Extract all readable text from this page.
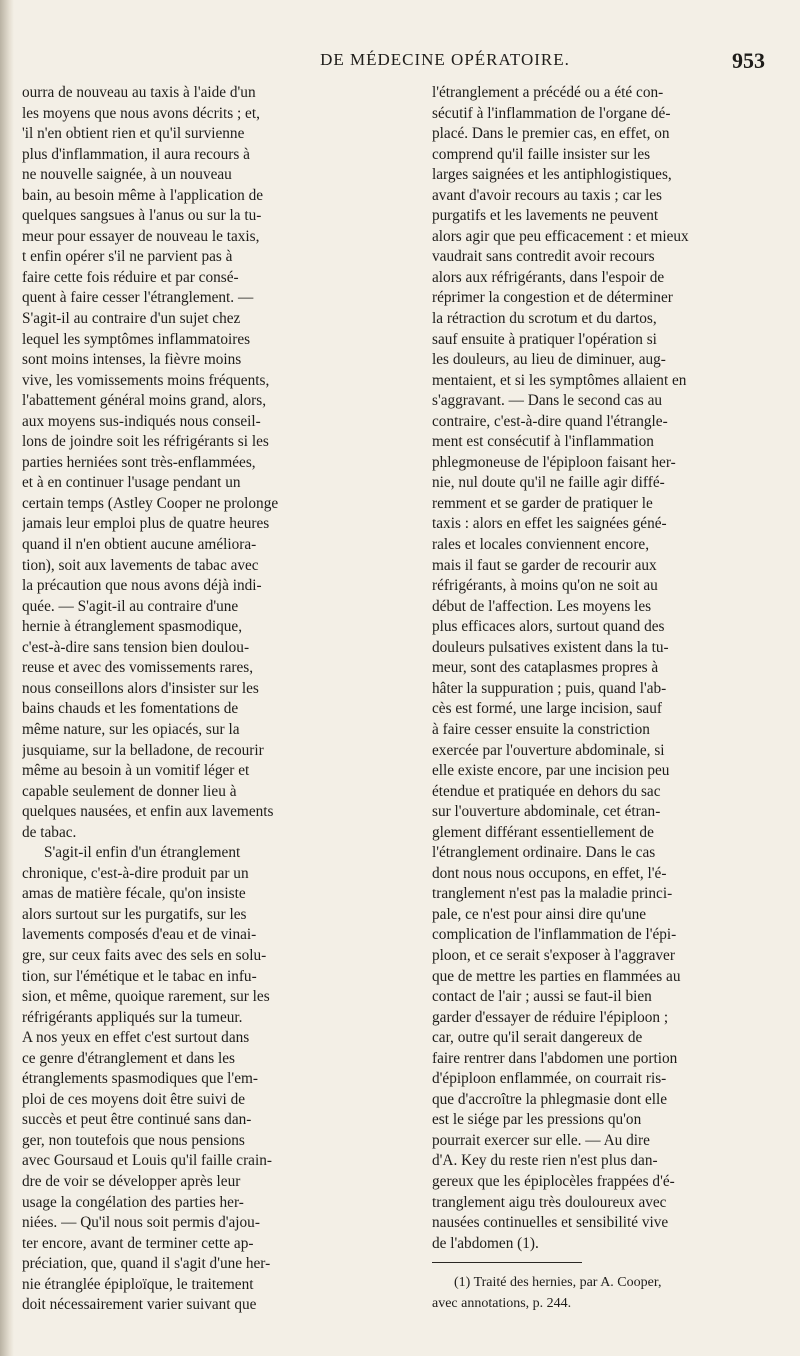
DE MÉDECINE OPÉRATOIRE.	953
ourra de nouveau au taxis à l'aide d'un
les moyens que nous avons décrits ; et,
'il n'en obtient rien et qu'il survienne
plus d'inflammation, il aura recours à
ne nouvelle saignée, à un nouveau
bain, au besoin même à l'application de
quelques sangsues à l'anus ou sur la tu-
meur pour essayer de nouveau le taxis,
t enfin opérer s'il ne parvient pas à
faire cette fois réduire et par consé-
quent à faire cesser l'étranglement. —
S'agit-il au contraire d'un sujet chez
lequel les symptômes inflammatoires
sont moins intenses, la fièvre moins
vive, les vomissements moins fréquents,
l'abattement général moins grand, alors,
aux moyens sus-indiqués nous conseil-
lons de joindre soit les réfrigérants si les
parties herniées sont très-enflammées,
et à en continuer l'usage pendant un
certain temps (Astley Cooper ne prolonge
jamais leur emploi plus de quatre heures
quand il n'en obtient aucune améliora-
tion), soit aux lavements de tabac avec
la précaution que nous avons déjà indi-
quée. — S'agit-il au contraire d'une
hernie à étranglement spasmodique,
c'est-à-dire sans tension bien doulou-
reuse et avec des vomissements rares,
nous conseillons alors d'insister sur les
bains chauds et les fomentations de
même nature, sur les opiacés, sur la
jusquiame, sur la belladone, de recourir
même au besoin à un vomitif léger et
capable seulement de donner lieu à
quelques nausées, et enfin aux lavements
de tabac.
S'agit-il enfin d'un étranglement
chronique, c'est-à-dire produit par un
amas de matière fécale, qu'on insiste
alors surtout sur les purgatifs, sur les
lavements composés d'eau et de vinai-
gre, sur ceux faits avec des sels en solu-
tion, sur l'émétique et le tabac en infu-
sion, et même, quoique rarement, sur les
réfrigérants appliqués sur la tumeur.
A nos yeux en effet c'est surtout dans
ce genre d'étranglement et dans les
étranglements spasmodiques que l'em-
ploi de ces moyens doit être suivi de
succès et peut être continué sans dan-
ger, non toutefois que nous pensions
avec Goursaud et Louis qu'il faille crain-
dre de voir se développer après leur
usage la congélation des parties her-
niées. — Qu'il nous soit permis d'ajou-
ter encore, avant de terminer cette ap-
préciation, que, quand il s'agit d'une her-
nie étranglée épiploïque, le traitement
doit nécessairement varier suivant que
l'étranglement a précédé ou a été con-
sécutif à l'inflammation de l'organe dé-
placé. Dans le premier cas, en effet, on
comprend qu'il faille insister sur les
larges saignées et les antiphlogistiques,
avant d'avoir recours au taxis ; car les
purgatifs et les lavements ne peuvent
alors agir que peu efficacement : et mieux
vaudrait sans contredit avoir recours
alors aux réfrigérants, dans l'espoir de
réprimer la congestion et de déterminer
la rétraction du scrotum et du dartos,
sauf ensuite à pratiquer l'opération si
les douleurs, au lieu de diminuer, aug-
mentaient, et si les symptômes allaient en
s'aggravant. — Dans le second cas au
contraire, c'est-à-dire quand l'étrangle-
ment est consécutif à l'inflammation
phlegmoneuse de l'épiploon faisant her-
nie, nul doute qu'il ne faille agir diffé-
remment et se garder de pratiquer le
taxis : alors en effet les saignées géné-
rales et locales conviennent encore,
mais il faut se garder de recourir aux
réfrigérants, à moins qu'on ne soit au
début de l'affection. Les moyens les
plus efficaces alors, surtout quand des
douleurs pulsatives existent dans la tu-
meur, sont des cataplasmes propres à
hâter la suppuration ; puis, quand l'ab-
cès est formé, une large incision, sauf
à faire cesser ensuite la constriction
exercée par l'ouverture abdominale, si
elle existe encore, par une incision peu
étendue et pratiquée en dehors du sac
sur l'ouverture abdominale, cet étran-
glement différant essentiellement de
l'étranglement ordinaire. Dans le cas
dont nous nous occupons, en effet, l'é-
tranglement n'est pas la maladie princi-
pale, ce n'est pour ainsi dire qu'une
complication de l'inflammation de l'épi-
ploon, et ce serait s'exposer à l'aggraver
que de mettre les parties en flammées au
contact de l'air ; aussi se faut-il bien
garder d'essayer de réduire l'épiploon ;
car, outre qu'il serait dangereux de
faire rentrer dans l'abdomen une portion
d'épiploon enflammée, on courrait ris-
que d'accroître la phlegmasie dont elle
est le siége par les pressions qu'on
pourrait exercer sur elle. — Au dire
d'A. Key du reste rien n'est plus dan-
gereux que les épiplocèles frappées d'é-
tranglement aigu très douloureux avec
nausées continuelles et sensibilité vive
de l'abdomen (1).
(1) Traité des hernies, par A. Cooper,
avec annotations, p. 244.
